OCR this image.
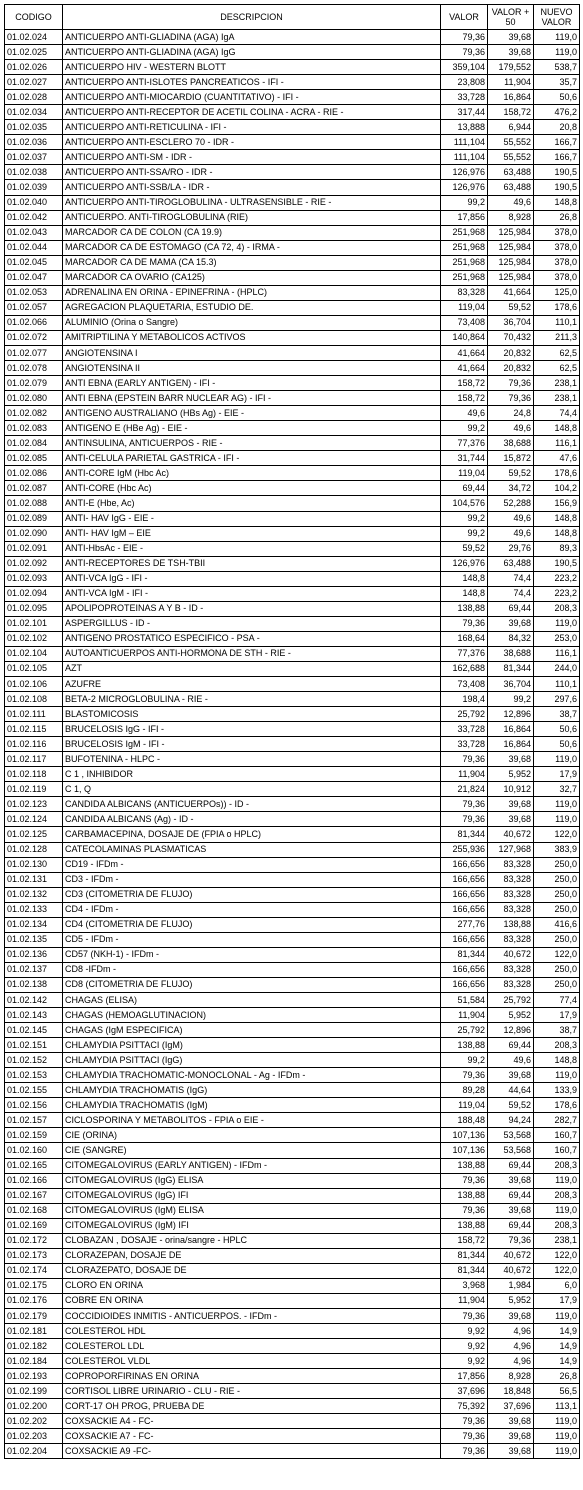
CODIGO	DESCRIPCION	VALOR	VALOR + 50	NUEVO VALOR
01.02.024	ANTICUERPO ANTI-GLIADINA (AGA) IgA	79,36	39,68	119,0
01.02.025	ANTICUERPO ANTI-GLIADINA (AGA) IgG	79,36	39,68	119,0
01.02.026	ANTICUERPO HIV - WESTERN BLOTT	359,104	179,552	538,7
01.02.027	ANTICUERPO ANTI-ISLOTES PANCREATICOS - IFI -	23,808	11,904	35,7
01.02.028	ANTICUERPO ANTI-MIOCARDIO (CUANTITATIVO) - IFI -	33,728	16,864	50,6
01.02.034	ANTICUERPO ANTI-RECEPTOR DE ACETIL COLINA - ACRA - RIE -	317,44	158,72	476,2
01.02.035	ANTICUERPO ANTI-RETICULINA - IFI -	13,888	6,944	20,8
01.02.036	ANTICUERPO ANTI-ESCLERO 70 - IDR -	111,104	55,552	166,7
01.02.037	ANTICUERPO ANTI-SM - IDR -	111,104	55,552	166,7
01.02.038	ANTICUERPO ANTI-SSA/RO - IDR -	126,976	63,488	190,5
01.02.039	ANTICUERPO ANTI-SSB/LA - IDR -	126,976	63,488	190,5
01.02.040	ANTICUERPO ANTI-TIROGLOBULINA - ULTRASENSIBLE - RIE -	99,2	49,6	148,8
01.02.042	ANTICUERPO. ANTI-TIROGLOBULINA (RIE)	17,856	8,928	26,8
01.02.043	MARCADOR CA DE COLON (CA 19.9)	251,968	125,984	378,0
01.02.044	MARCADOR CA DE ESTOMAGO (CA 72, 4) - IRMA -	251,968	125,984	378,0
01.02.045	MARCADOR CA DE MAMA (CA 15.3)	251,968	125,984	378,0
01.02.047	MARCADOR CA OVARIO (CA125)	251,968	125,984	378,0
01.02.053	ADRENALINA EN ORINA - EPINEFRINA - (HPLC)	83,328	41,664	125,0
01.02.057	AGREGACION PLAQUETARIA, ESTUDIO DE.	119,04	59,52	178,6
01.02.066	ALUMINIO (Orina o Sangre)	73,408	36,704	110,1
01.02.072	AMITRIPTILINA Y METABOLICOS ACTIVOS	140,864	70,432	211,3
01.02.077	ANGIOTENSINA I	41,664	20,832	62,5
01.02.078	ANGIOTENSINA II	41,664	20,832	62,5
01.02.079	ANTI EBNA (EARLY ANTIGEN) - IFI -	158,72	79,36	238,1
01.02.080	ANTI EBNA (EPSTEIN BARR NUCLEAR AG) - IFI -	158,72	79,36	238,1
01.02.082	ANTIGENO AUSTRALIANO (HBs Ag) - EIE -	49,6	24,8	74,4
01.02.083	ANTIGENO E (HBe Ag) - EIE -	99,2	49,6	148,8
01.02.084	ANTINSULINA, ANTICUERPOS - RIE -	77,376	38,688	116,1
01.02.085	ANTI-CELULA PARIETAL GASTRICA - IFI -	31,744	15,872	47,6
01.02.086	ANTI-CORE IgM (Hbc Ac)	119,04	59,52	178,6
01.02.087	ANTI-CORE (Hbc Ac)	69,44	34,72	104,2
01.02.088	ANTI-E (Hbe, Ac)	104,576	52,288	156,9
01.02.089	ANTI- HAV IgG - EIE -	99,2	49,6	148,8
01.02.090	ANTI- HAV IgM – EIE	99,2	49,6	148,8
01.02.091	ANTI-HbsAc - EIE -	59,52	29,76	89,3
01.02.092	ANTI-RECEPTORES DE TSH-TBII	126,976	63,488	190,5
01.02.093	ANTI-VCA IgG - IFI -	148,8	74,4	223,2
01.02.094	ANTI-VCA IgM - IFI -	148,8	74,4	223,2
01.02.095	APOLIPOPROTEINAS A Y B - ID -	138,88	69,44	208,3
01.02.101	ASPERGILLUS - ID -	79,36	39,68	119,0
01.02.102	ANTIGENO PROSTATICO ESPECIFICO - PSA -	168,64	84,32	253,0
01.02.104	AUTOANTICUERPOS ANTI-HORMONA DE STH - RIE -	77,376	38,688	116,1
01.02.105	AZT	162,688	81,344	244,0
01.02.106	AZUFRE	73,408	36,704	110,1
01.02.108	BETA-2 MICROGLOBULINA - RIE -	198,4	99,2	297,6
01.02.111	BLASTOMICOSIS	25,792	12,896	38,7
01.02.115	BRUCELOSIS IgG - IFI -	33,728	16,864	50,6
01.02.116	BRUCELOSIS IgM - IFI -	33,728	16,864	50,6
01.02.117	BUFOTENINA - HLPC -	79,36	39,68	119,0
01.02.118	C 1 , INHIBIDOR	11,904	5,952	17,9
01.02.119	C 1, Q	21,824	10,912	32,7
01.02.123	CANDIDA ALBICANS (ANTICUERPOs)) - ID -	79,36	39,68	119,0
01.02.124	CANDIDA ALBICANS (Ag) - ID -	79,36	39,68	119,0
01.02.125	CARBAMACEPINA, DOSAJE DE (FPIA o HPLC)	81,344	40,672	122,0
01.02.128	CATECOLAMINAS PLASMATICAS	255,936	127,968	383,9
01.02.130	CD19 - IFDm -	166,656	83,328	250,0
01.02.131	CD3 - IFDm -	166,656	83,328	250,0
01.02.132	CD3 (CITOMETRIA DE FLUJO)	166,656	83,328	250,0
01.02.133	CD4 - IFDm -	166,656	83,328	250,0
01.02.134	CD4 (CITOMETRIA DE FLUJO)	277,76	138,88	416,6
01.02.135	CD5 - IFDm -	166,656	83,328	250,0
01.02.136	CD57 (NKH-1) - IFDm -	81,344	40,672	122,0
01.02.137	CD8 -IFDm -	166,656	83,328	250,0
01.02.138	CD8 (CITOMETRIA DE FLUJO)	166,656	83,328	250,0
01.02.142	CHAGAS (ELISA)	51,584	25,792	77,4
01.02.143	CHAGAS (HEMOAGLUTINACION)	11,904	5,952	17,9
01.02.145	CHAGAS (IgM ESPECIFICA)	25,792	12,896	38,7
01.02.151	CHLAMYDIA PSITTACI (IgM)	138,88	69,44	208,3
01.02.152	CHLAMYDIA PSITTACI (IgG)	99,2	49,6	148,8
01.02.153	CHLAMYDIA TRACHOMATIC-MONOCLONAL - Ag - IFDm -	79,36	39,68	119,0
01.02.155	CHLAMYDIA TRACHOMATIS (IgG)	89,28	44,64	133,9
01.02.156	CHLAMYDIA TRACHOMATIS (IgM)	119,04	59,52	178,6
01.02.157	CICLOSPORINA Y METABOLITOS - FPIA o EIE -	188,48	94,24	282,7
01.02.159	CIE (ORINA)	107,136	53,568	160,7
01.02.160	CIE (SANGRE)	107,136	53,568	160,7
01.02.165	CITOMEGALOVIRUS (EARLY ANTIGEN) - IFDm -	138,88	69,44	208,3
01.02.166	CITOMEGALOVIRUS (IgG) ELISA	79,36	39,68	119,0
01.02.167	CITOMEGALOVIRUS (IgG) IFI	138,88	69,44	208,3
01.02.168	CITOMEGALOVIRUS (IgM) ELISA	79,36	39,68	119,0
01.02.169	CITOMEGALOVIRUS (IgM) IFI	138,88	69,44	208,3
01.02.172	CLOBAZAN , DOSAJE - orina/sangre - HPLC	158,72	79,36	238,1
01.02.173	CLORAZEPAN, DOSAJE DE	81,344	40,672	122,0
01.02.174	CLORAZEPATO, DOSAJE DE	81,344	40,672	122,0
01.02.175	CLORO EN ORINA	3,968	1,984	6,0
01.02.176	COBRE EN ORINA	11,904	5,952	17,9
01.02.179	COCCIDIOIDES INMITIS - ANTICUERPOS. - IFDm -	79,36	39,68	119,0
01.02.181	COLESTEROL HDL	9,92	4,96	14,9
01.02.182	COLESTEROL LDL	9,92	4,96	14,9
01.02.184	COLESTEROL VLDL	9,92	4,96	14,9
01.02.193	COPROPORFIRINAS EN ORINA	17,856	8,928	26,8
01.02.199	CORTISOL LIBRE URINARIO - CLU - RIE -	37,696	18,848	56,5
01.02.200	CORT-17 OH PROG, PRUEBA DE	75,392	37,696	113,1
01.02.202	COXSACKIE A4 - FC-	79,36	39,68	119,0
01.02.203	COXSACKIE A7 - FC-	79,36	39,68	119,0
01.02.204	COXSACKIE A9 -FC-	79,36	39,68	119,0
